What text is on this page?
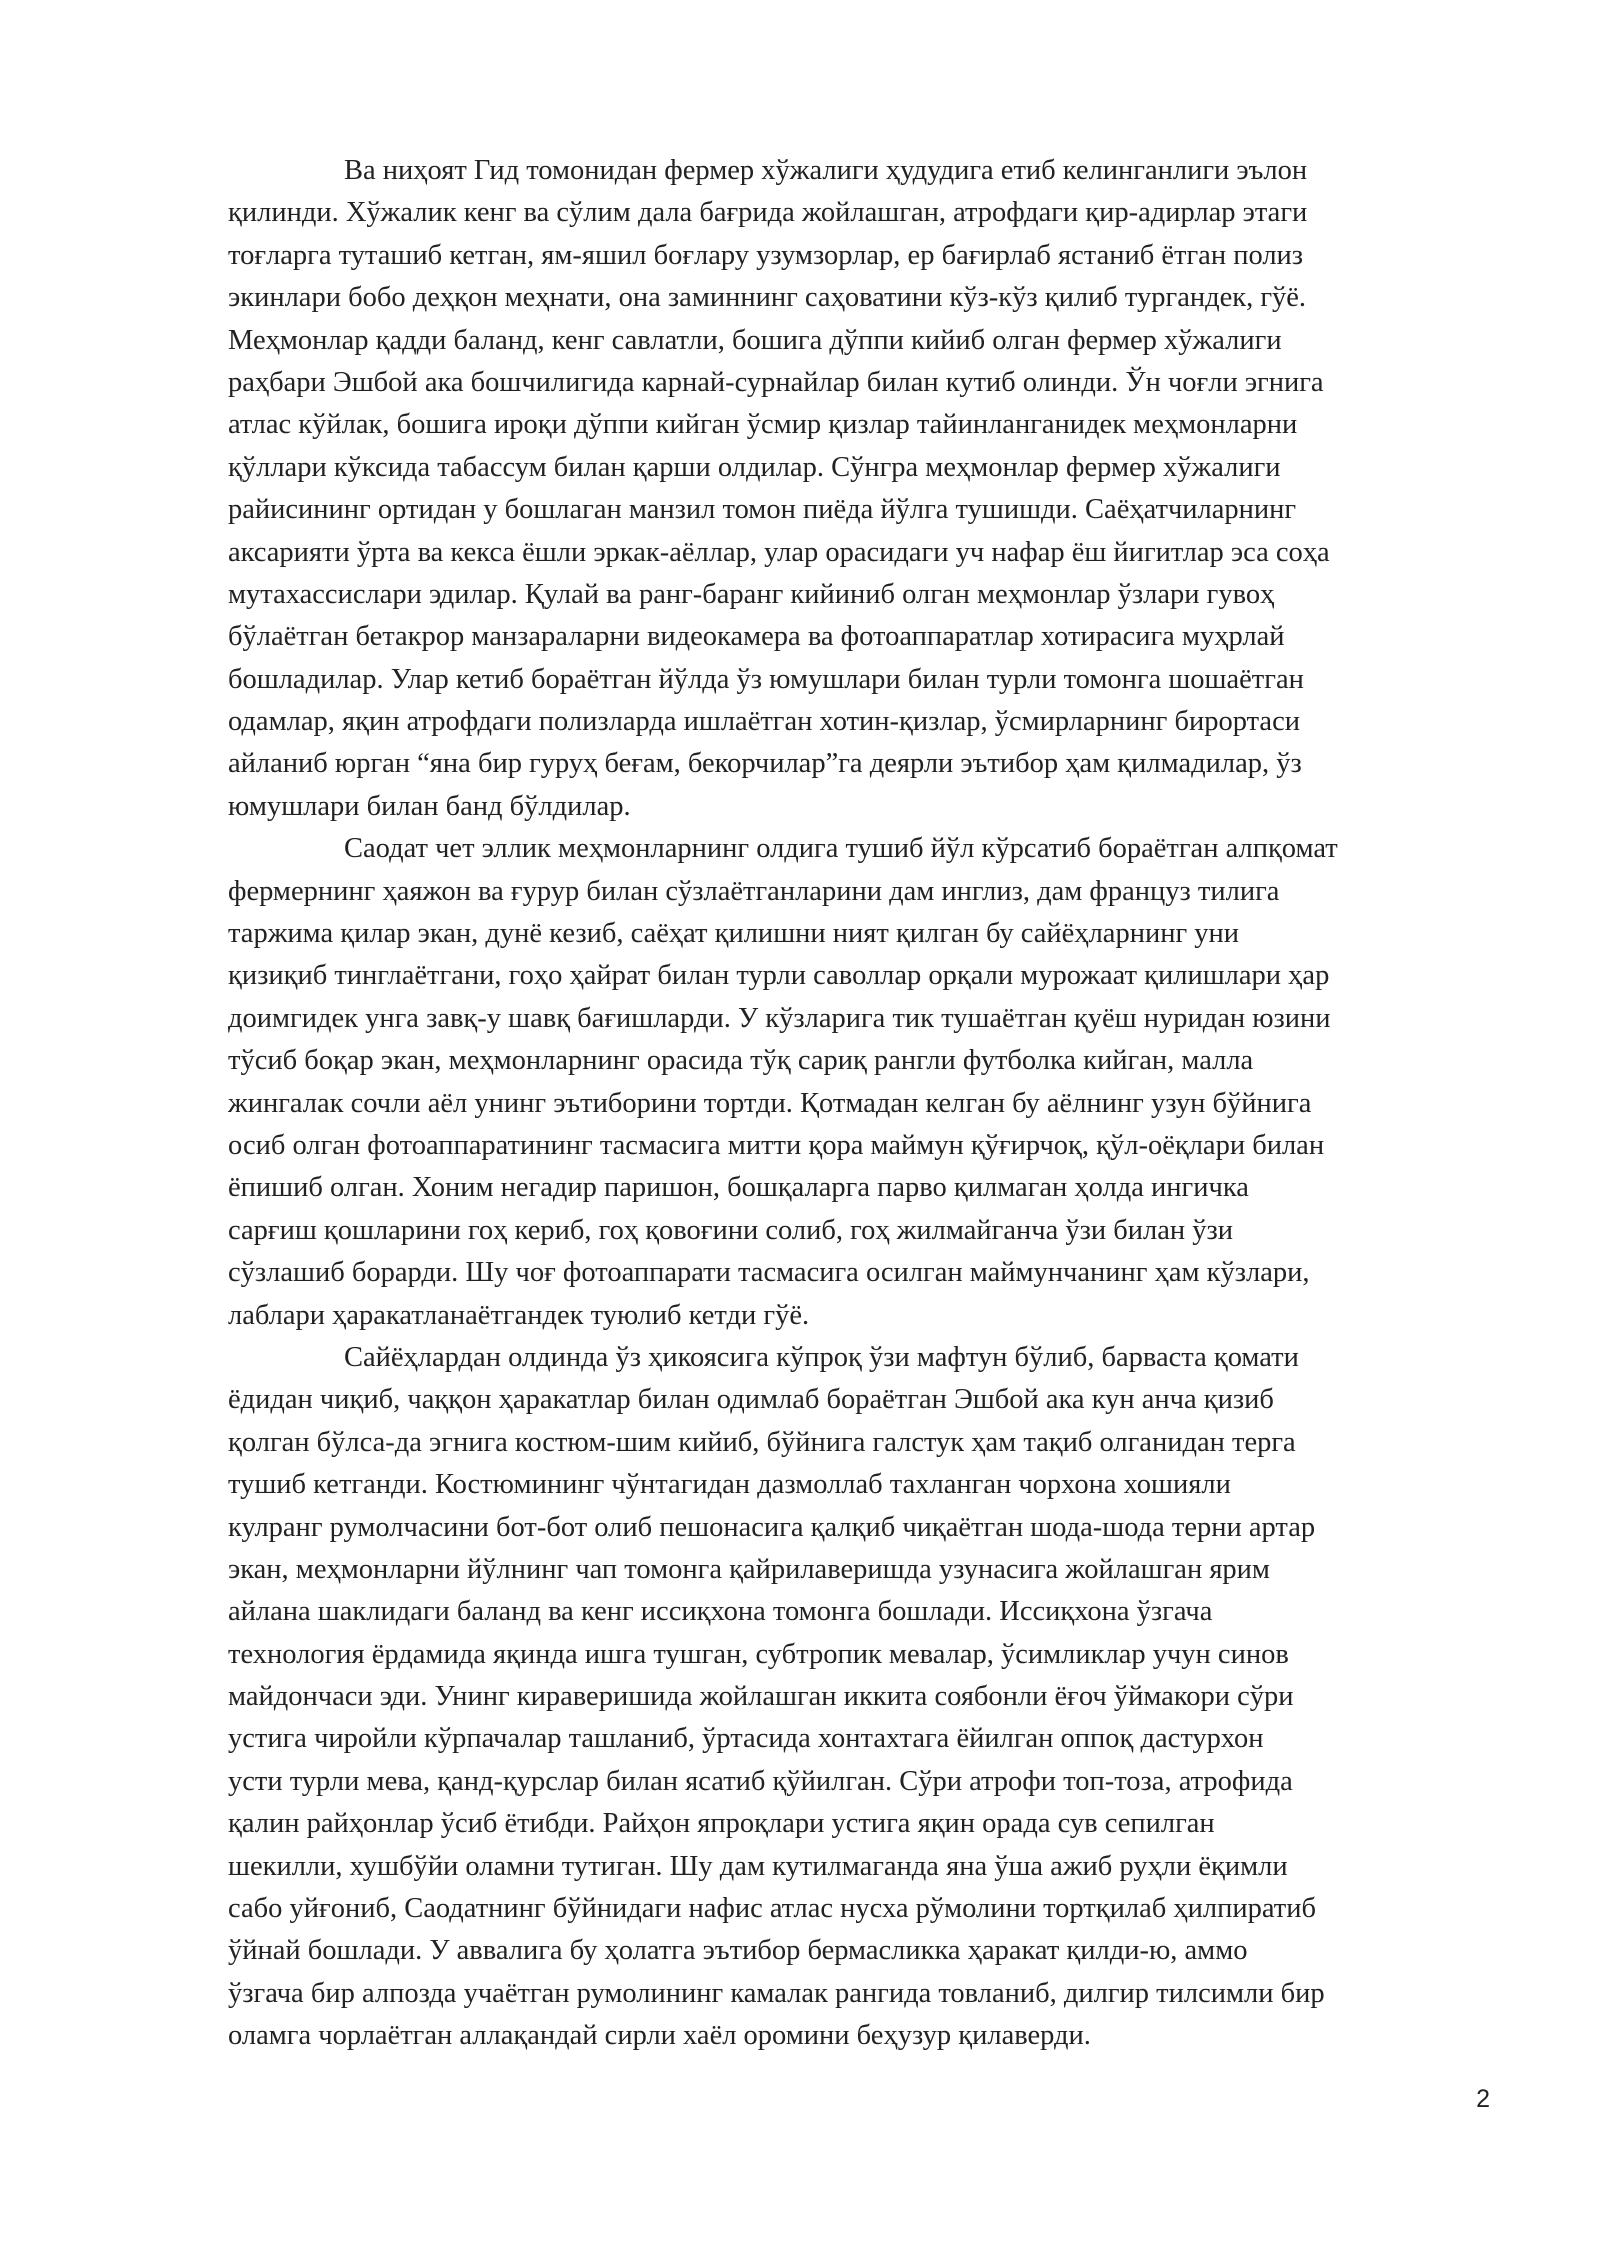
Ва ниҳоят Гид томонидан фермер хўжалиги ҳудудига етиб келинганлиги эълон
қилинди. Хўжалик кенг ва сўлим дала бағрида жойлашган, атрофдаги қир-адирлар этаги
тоғларга туташиб кетган, ям-яшил боғлару узумзорлар, ер бағирлаб ястаниб ётган полиз
экинлари бобо деҳқон меҳнати, она заминнинг саҳоватини кўз-кўз қилиб тургандек, гўё.
Меҳмонлар қадди баланд, кенг савлатли, бошига дўппи кийиб олган фермер хўжалиги
раҳбари Эшбой ака бошчилигида карнай-сурнайлар билан кутиб олинди. Ўн чоғли эгнига
атлас кўйлак, бошига ироқи дўппи кийган ўсмир қизлар тайинланганидек меҳмонларни
қўллари кўксида табассум билан қарши олдилар. Сўнгра меҳмонлар фермер хўжалиги
райисининг ортидан у бошлаган манзил томон пиёда йўлга тушишди. Саёҳатчиларнинг
аксарияти ўрта ва кекса ёшли эркак-аёллар, улар орасидаги уч нафар ёш йигитлар эса соҳа
мутахассислари эдилар. Қулай ва ранг-баранг кийиниб олган меҳмонлар ўзлари гувоҳ
бўлаётган бетакрор манзараларни видеокамера ва фотоаппаратлар хотирасига муҳрлай
бошладилар. Улар кетиб бораётган йўлда ўз юмушлари билан турли томонга шошаётган
одамлар, яқин атрофдаги полизларда ишлаётган хотин-қизлар, ўсмирларнинг бирортаси
айланиб юрган “яна бир гуруҳ беғам, бекорчилар”га деярли эътибор ҳам қилмадилар, ўз
юмушлари билан банд бўлдилар.
Саодат чет эллик меҳмонларнинг олдига тушиб йўл кўрсатиб бораётган алпқомат
фермернинг ҳаяжон ва ғурур билан сўзлаётганларини дам инглиз, дам француз тилига
таржима қилар экан, дунё кезиб, саёҳат қилишни ният қилган бу сайёҳларнинг уни
қизиқиб тинглаётгани, гоҳо ҳайрат билан турли саволлар орқали мурожаат қилишлари ҳар
доимгидек унга завқ-у шавқ бағишларди. У кўзларига тик тушаётган қуёш нуридан юзини
тўсиб боқар экан, меҳмонларнинг орасида тўқ сариқ рангли футболка кийган, малла
жингалак сочли аёл унинг эътиборини тортди. Қотмадан келган бу аёлнинг узун бўйнига
осиб олган фотоаппаратининг тасмасига митти қора маймун қўғирчоқ, қўл-оёқлари билан
ёпишиб олган. Хоним негадир паришон, бошқаларга парво қилмаган ҳолда ингичка
сарғиш қошларини гоҳ кериб, гоҳ қовоғини солиб, гоҳ жилмайганча ўзи билан ўзи
сўзлашиб борарди. Шу чоғ фотоаппарати тасмасига осилган маймунчанинг ҳам кўзлари,
лаблари ҳаракатланаётгандек туюлиб кетди гўё.
Сайёҳлардан олдинда ўз ҳикоясига кўпроқ ўзи мафтун бўлиб, барваста қомати
ёдидан чиқиб, чаққон ҳаракатлар билан одимлаб бораётган Эшбой ака кун анча қизиб
қолган бўлса-да эгнига костюм-шим кийиб, бўйнига галстук ҳам тақиб олганидан терга
тушиб кетганди. Костюмининг чўнтагидан дазмоллаб тахланган чорхона хошияли
кулранг румолчасини бот-бот олиб пешонасига қалқиб чиқаётган шода-шода терни артар
экан, меҳмонларни йўлнинг чап томонга қайрилаверишда узунасига жойлашган ярим
айлана шаклидаги баланд ва кенг иссиқхона томонга бошлади. Иссиқхона ўзгача
технология ёрдамида яқинда ишга тушган, субтропик мевалар, ўсимликлар учун синов
майдончаси эди. Унинг кираверишида жойлашган иккита соябонли ёғоч ўймакори сўри
устига чиройли кўрпачалар ташланиб, ўртасида хонтахтага ёйилган оппоқ дастурхон
усти турли мева, қанд-қурслар билан ясатиб қўйилган. Сўри атрофи топ-тоза, атрофида
қалин райҳонлар ўсиб ётибди. Райҳон япроқлари устига яқин орада сув сепилган
шекилли, хушбўйи оламни тутиган. Шу дам кутилмаганда яна ўша ажиб руҳли ёқимли
сабо уйғониб, Саодатнинг бўйнидаги нафис атлас нусха рўмолини тортқилаб ҳилпиратиб
ўйнай бошлади. У аввалига бу ҳолатга эътибор бермасликка ҳаракат қилди-ю, аммо
ўзгача бир алпозда учаётган румолининг камалак рангида товланиб, дилгир тилсимли бир
оламга чорлаётган аллақандай сирли хаёл оромини беҳузур қилаверди.
2
